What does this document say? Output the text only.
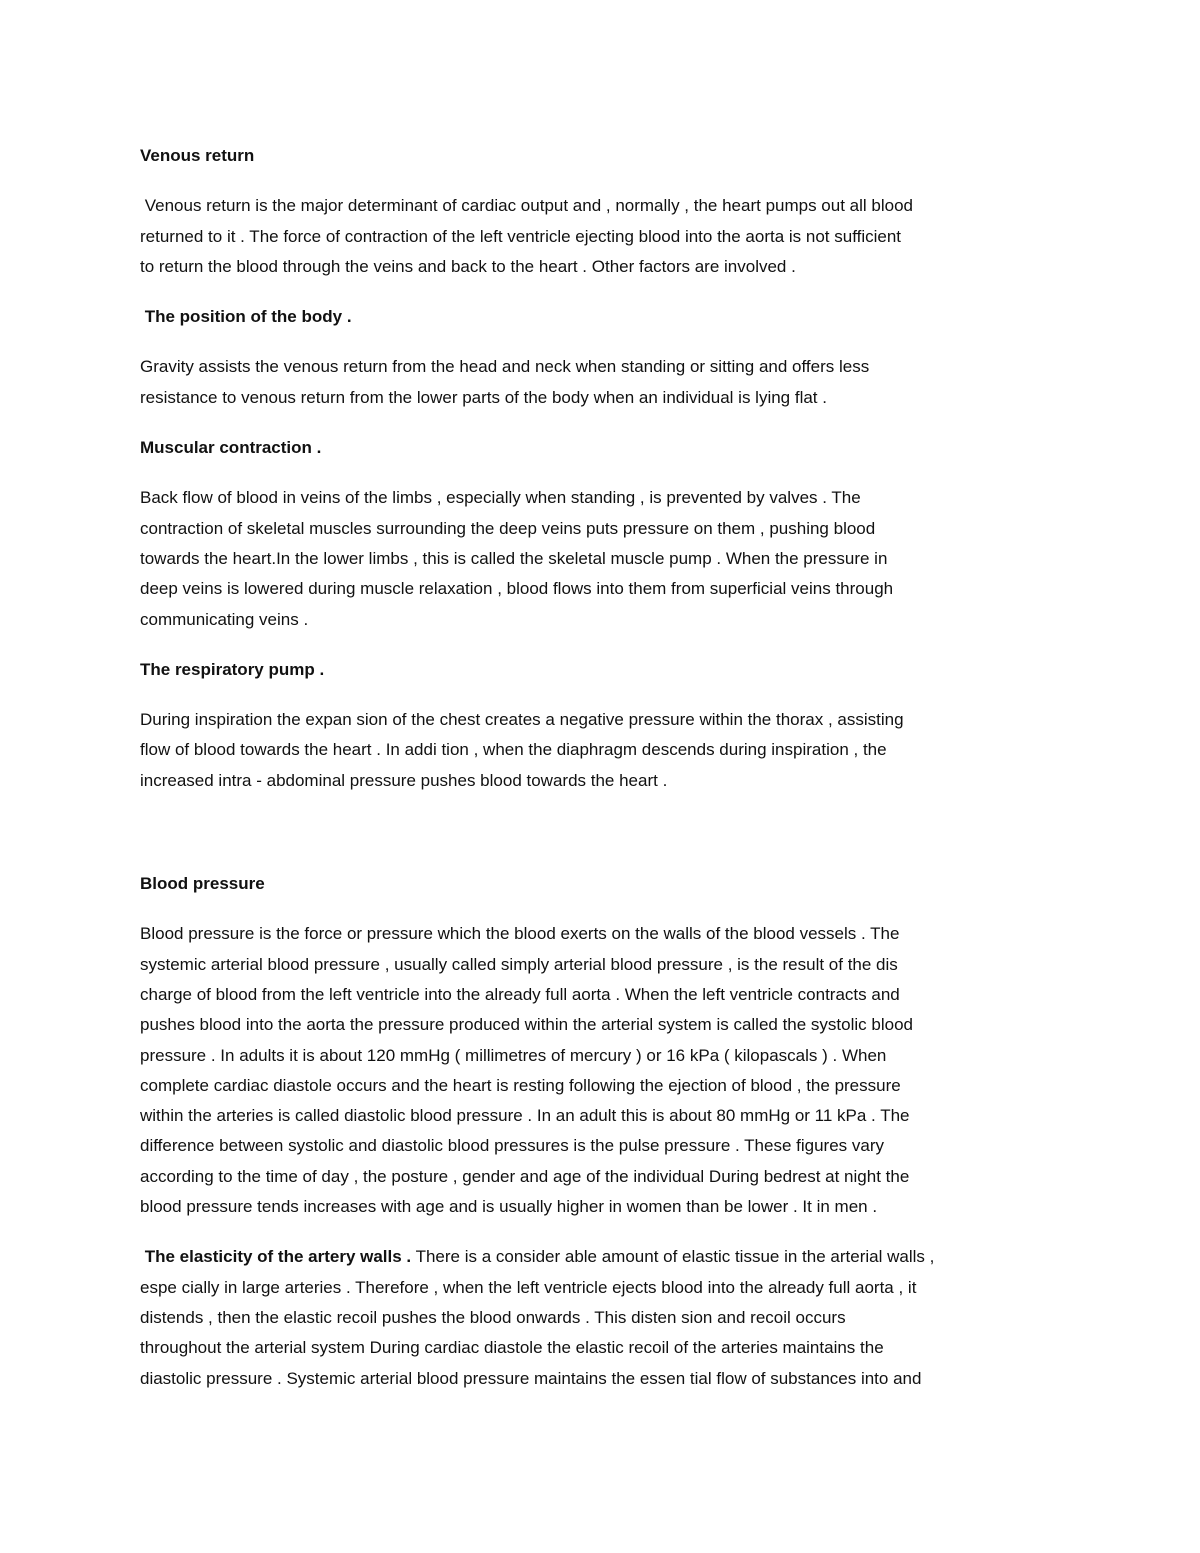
Venous return
Venous return is the major determinant of cardiac output and , normally , the heart pumps out all blood
returned to it . The force of contraction of the left ventricle ejecting blood into the aorta is not sufficient
to return the blood through the veins and back to the heart . Other factors are involved .
The position of the body .
Gravity assists the venous return from the head and neck when standing or sitting and offers less
resistance to venous return from the lower parts of the body when an individual is lying flat .
Muscular contraction .
Back flow of blood in veins of the limbs , especially when standing , is prevented by valves . The
contraction of skeletal muscles surrounding the deep veins puts pressure on them , pushing blood
towards the heart.In the lower limbs , this is called the skeletal muscle pump . When the pressure in
deep veins is lowered during muscle relaxation , blood flows into them from superficial veins through
communicating veins .
The respiratory pump .
During inspiration the expan sion of the chest creates a negative pressure within the thorax , assisting
flow of blood towards the heart . In addi tion , when the diaphragm descends during inspiration , the
increased intra - abdominal pressure pushes blood towards the heart .
Blood pressure
Blood pressure is the force or pressure which the blood exerts on the walls of the blood vessels . The
systemic arterial blood pressure , usually called simply arterial blood pressure , is the result of the dis
charge of blood from the left ventricle into the already full aorta . When the left ventricle contracts and
pushes blood into the aorta the pressure produced within the arterial system is called the systolic blood
pressure . In adults it is about 120 mmHg ( millimetres of mercury ) or 16 kPa ( kilopascals ) . When
complete cardiac diastole occurs and the heart is resting following the ejection of blood , the pressure
within the arteries is called diastolic blood pressure . In an adult this is about 80 mmHg or 11 kPa . The
difference between systolic and diastolic blood pressures is the pulse pressure . These figures vary
according to the time of day , the posture , gender and age of the individual During bedrest at night the
blood pressure tends increases with age and is usually higher in women than be lower . It in men .
The elasticity of the artery walls . There is a consider able amount of elastic tissue in the arterial walls ,
espe cially in large arteries . Therefore , when the left ventricle ejects blood into the already full aorta , it
distends , then the elastic recoil pushes the blood onwards . This disten sion and recoil occurs
throughout the arterial system During cardiac diastole the elastic recoil of the arteries maintains the
diastolic pressure . Systemic arterial blood pressure maintains the essen tial flow of substances into and
